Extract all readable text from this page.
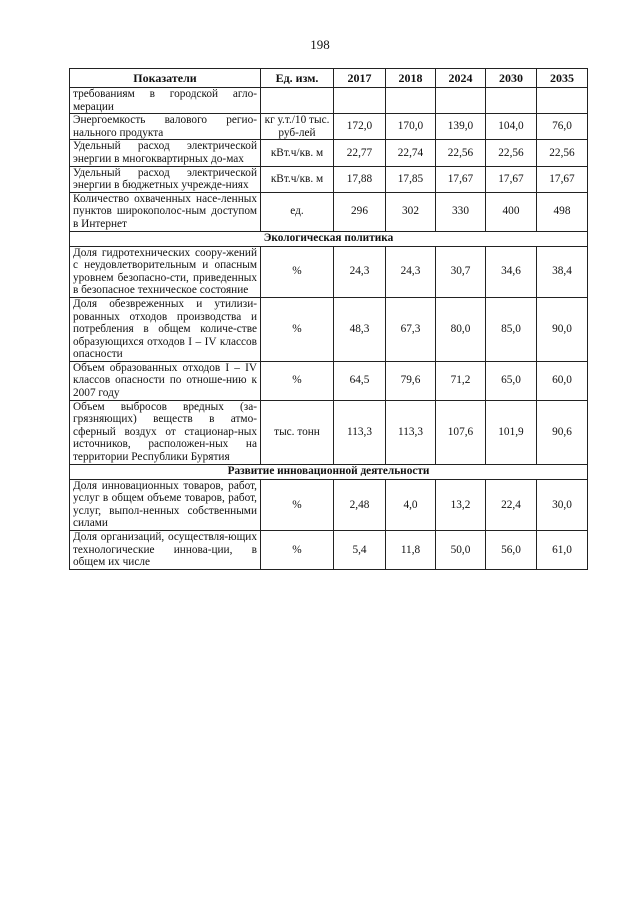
198
Показатели	Ед. изм.	2017	2018	2024	2030	2035
требованиям в городской агло-мерации						
Энергоемкость валового регио-нального продукта	кг у.т./10 тыс. руб-лей	172,0	170,0	139,0	104,0	76,0
Удельный расход электрической энергии в многоквартирных до-мах	кВт.ч/кв. м	22,77	22,74	22,56	22,56	22,56
Удельный расход электрической энергии в бюджетных учрежде-ниях	кВт.ч/кв. м	17,88	17,85	17,67	17,67	17,67
Количество охваченных насе-ленных пунктов широкополос-ным доступом в Интернет	ед.	296	302	330	400	498
Экологическая политика						
Доля гидротехнических соору-жений с неудовлетворительным и опасным уровнем безопасно-сти, приведенных в безопасное техническое состояние	%	24,3	24,3	30,7	34,6	38,4
Доля обезвреженных и утилизи-рованных отходов производства и потребления в общем количе-стве образующихся отходов I – IV классов опасности	%	48,3	67,3	80,0	85,0	90,0
Объем образованных отходов I – IV классов опасности по отноше-нию к 2007 году	%	64,5	79,6	71,2	65,0	60,0
Объем выбросов вредных (за-грязняющих) веществ в атмо-сферный воздух от стационар-ных источников, расположен-ных на территории Республики Бурятия	тыс. тонн	113,3	113,3	107,6	101,9	90,6
Развитие инновационной деятельности						
Доля инновационных товаров, работ, услуг в общем объеме товаров, работ, услуг, выпол-ненных собственными силами	%	2,48	4,0	13,2	22,4	30,0
Доля организаций, осуществля-ющих технологические иннова-ции, в общем их числе	%	5,4	11,8	50,0	56,0	61,0
